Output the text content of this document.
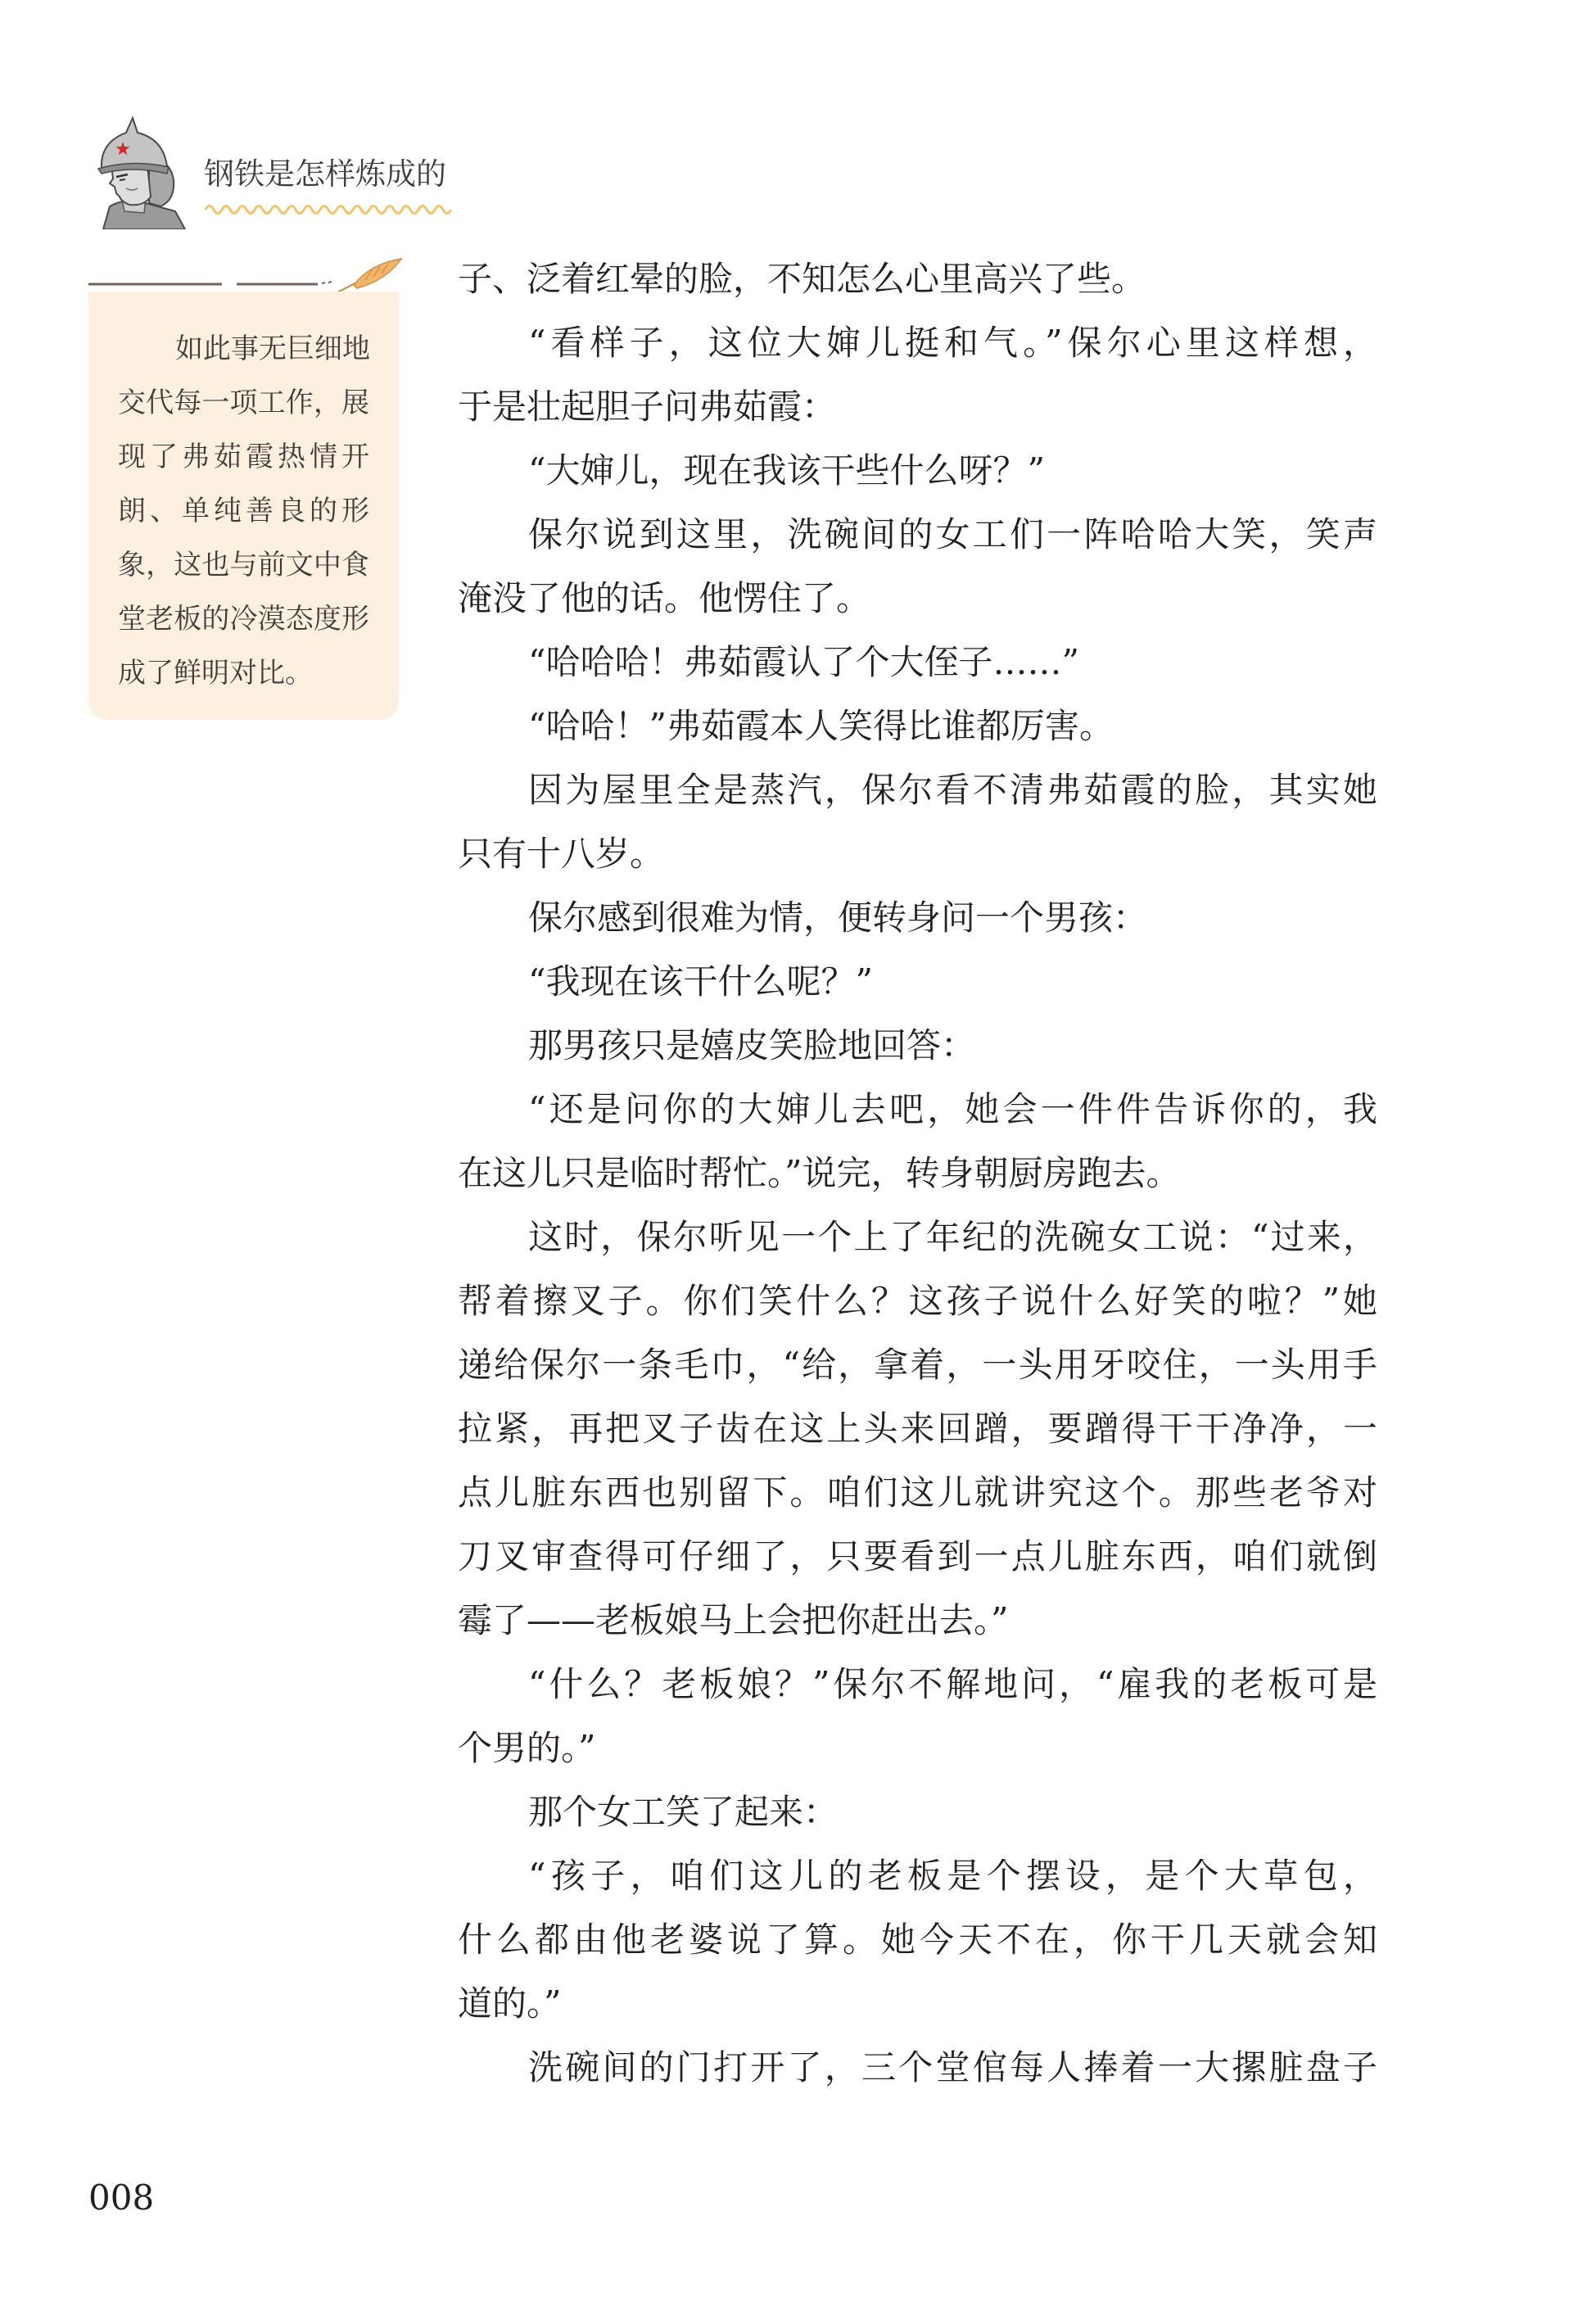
钢铁是怎样炼成的
如此事无巨细地
交代每一项工作，展
现了弗茹霞热情开
朗、单纯善良的形
象，这也与前文中食
堂老板的冷漠态度形
成了鲜明对比。
子、泛着红晕的脸，不知怎么心里高兴了些。
“看样子，这位大婶儿挺和气。”保尔心里这样想，
于是壮起胆子问弗茹霞：
“大婶儿，现在我该干些什么呀？”
保尔说到这里，洗碗间的女工们一阵哈哈大笑，笑声
淹没了他的话。他愣住了。
“哈哈哈！弗茹霞认了个大侄子……”
“哈哈！”弗茹霞本人笑得比谁都厉害。
因为屋里全是蒸汽，保尔看不清弗茹霞的脸，其实她
只有十八岁。
保尔感到很难为情，便转身问一个男孩：
“我现在该干什么呢？”
那男孩只是嬉皮笑脸地回答：
“还是问你的大婶儿去吧，她会一件件告诉你的，我
在这儿只是临时帮忙。”说完，转身朝厨房跑去。
这时，保尔听见一个上了年纪的洗碗女工说：“过来，
帮着擦叉子。你们笑什么？这孩子说什么好笑的啦？”她
递给保尔一条毛巾，“给，拿着，一头用牙咬住，一头用手
拉紧，再把叉子齿在这上头来回蹭，要蹭得干干净净，一
点儿脏东西也别留下。咱们这儿就讲究这个。那些老爷对
刀叉审查得可仔细了，只要看到一点儿脏东西，咱们就倒
霉了——老板娘马上会把你赶出去。”
“什么？老板娘？”保尔不解地问，“雇我的老板可是
个男的。”
那个女工笑了起来：
“孩子，咱们这儿的老板是个摆设，是个大草包，
什么都由他老婆说了算。她今天不在，你干几天就会知
道的。”
洗碗间的门打开了，三个堂倌每人捧着一大摞脏盘子
008
